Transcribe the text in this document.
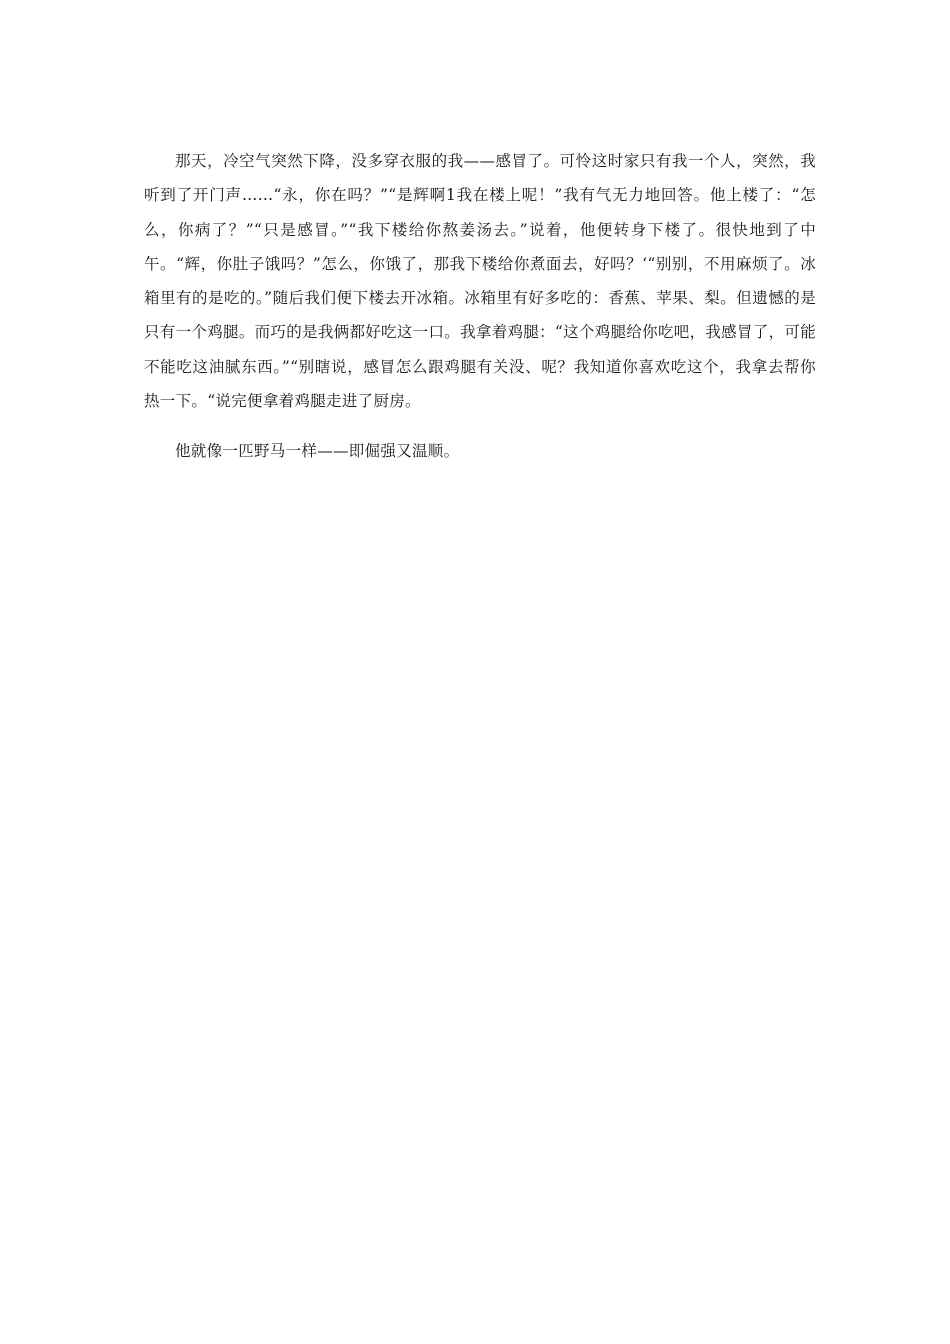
那天，冷空气突然下降，没多穿衣服的我——感冒了。可怜这时家只有我一个人，突然，我听到了开门声……“永，你在吗？”“是辉啊1我在楼上呢！”我有气无力地回答。他上楼了：“怎么，你病了？”“只是感冒。”“我下楼给你熬姜汤去。”说着，他便转身下楼了。很快地到了中午。“辉，你肚子饿吗？”怎么，你饿了，那我下楼给你煮面去，好吗？‘“别别，不用麻烦了。冰箱里有的是吃的。”随后我们便下楼去开冰箱。冰箱里有好多吃的：香蕉、苹果、梨。但遗憾的是只有一个鸡腿。而巧的是我俩都好吃这一口。我拿着鸡腿：“这个鸡腿给你吃吧，我感冒了，可能不能吃这油腻东西。”“别瞎说，感冒怎么跟鸡腿有关没、呢？我知道你喜欢吃这个，我拿去帮你热一下。“说完便拿着鸡腿走进了厨房。

他就像一匹野马一样——即倔强又温顺。
